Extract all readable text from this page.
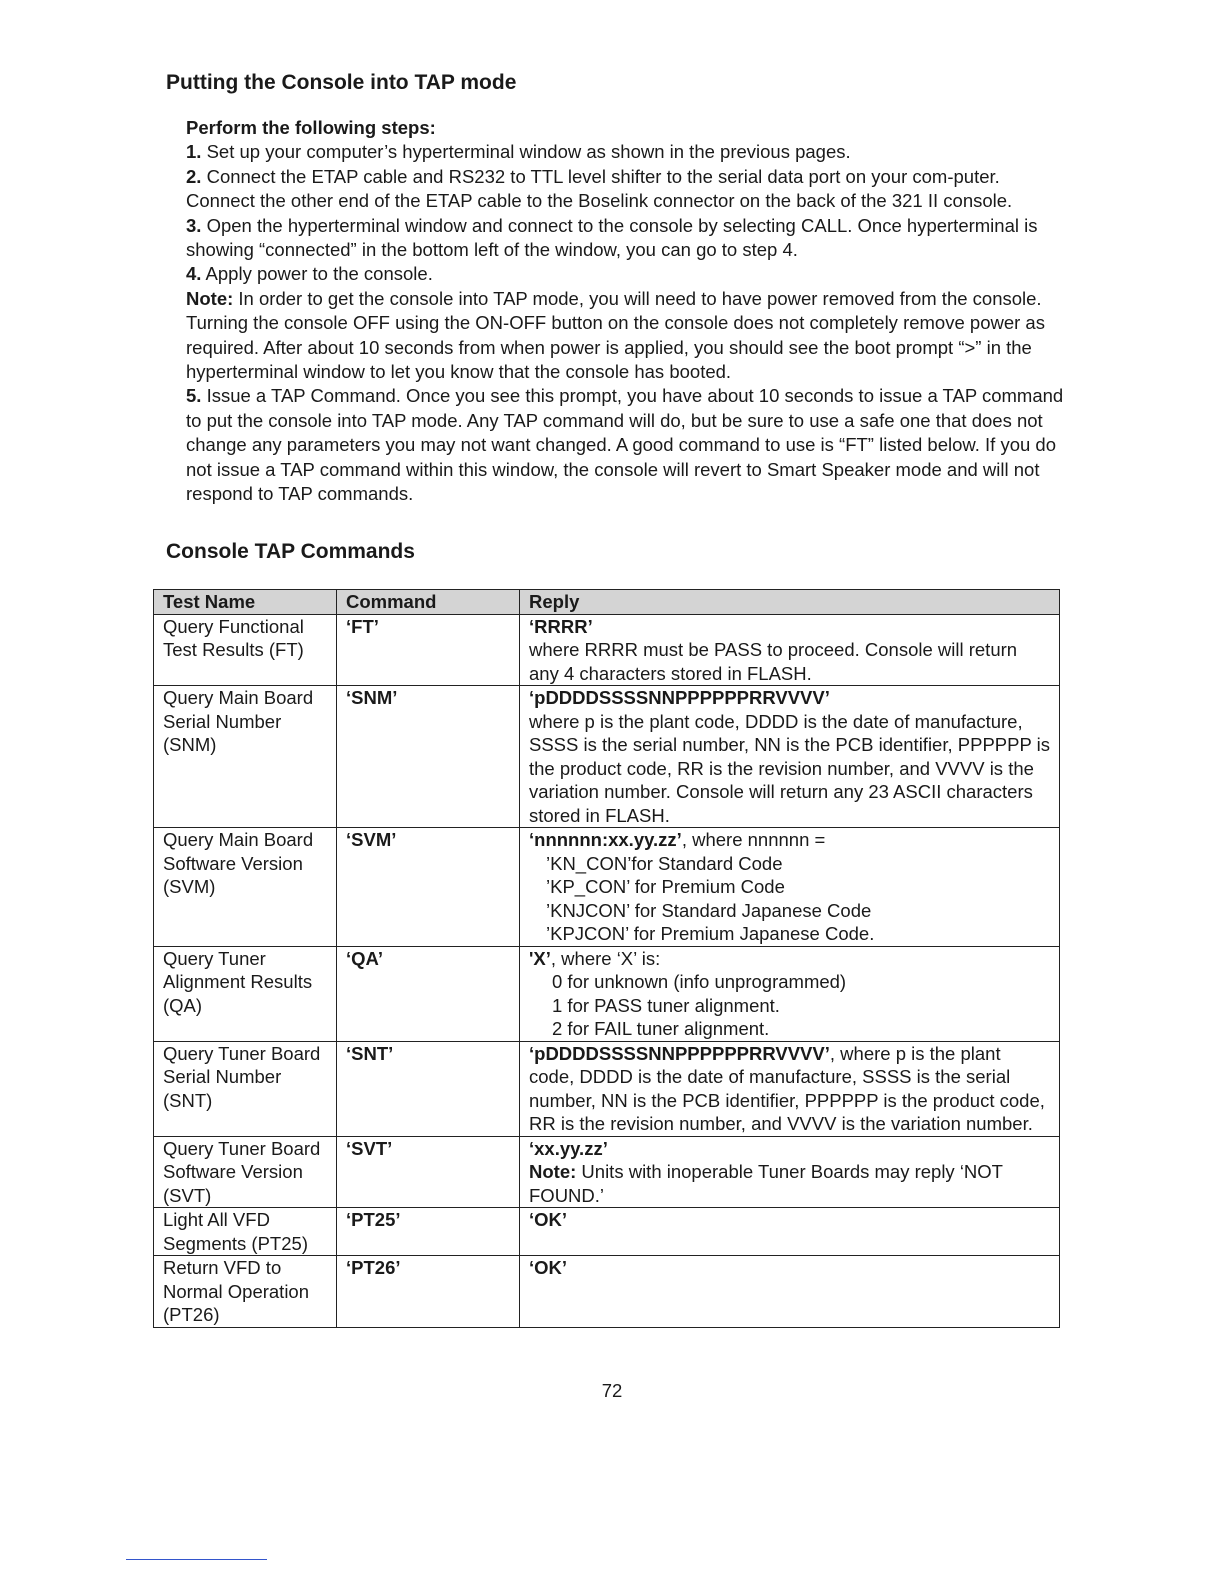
Putting the Console into TAP mode

Perform the following steps:

1. Set up your computer’s hyperterminal window as shown in the previous pages.

2. Connect the ETAP cable and RS232 to TTL level shifter to the serial data port on your com-puter. Connect the other end of the ETAP cable to the Boselink connector on the back of the 321 II console.

3. Open the hyperterminal window and connect to the console by selecting CALL. Once hyperterminal is showing “connected” in the bottom left of the window, you can go to step 4.

4. Apply power to the console.

Note: In order to get the console into TAP mode, you will need to have power removed from the console. Turning the console OFF using the ON-OFF button on the console does not completely remove power as required. After about 10 seconds from when power is applied, you should see the boot prompt “>” in the hyperterminal window to let you know that the console has booted.

5. Issue a TAP Command. Once you see this prompt, you have about 10 seconds to issue a TAP command to put the console into TAP mode. Any TAP command will do, but be sure to use a safe one that does not change any parameters you may not want changed. A good command to use is “FT” listed below. If you do not issue a TAP command within this window, the console will revert to Smart Speaker mode and will not respond to TAP commands.

Console TAP Commands
Test Name	Command	Reply
Query Functional Test Results (FT)	‘FT’	‘RRRR’
where RRRR must be PASS to proceed. Console will return any 4 characters stored in FLASH.
Query Main Board Serial Number (SNM)	‘SNM’	‘pDDDDSSSSNNPPPPPPRRVVVV’
where p is the plant code, DDDD is the date of manufacture, SSSS is the serial number, NN is the PCB identifier, PPPPPP is the product code, RR is the revision number, and VVVV is the variation number. Console will return any 23 ASCII characters stored in FLASH.
Query Main Board Software Version (SVM)	‘SVM’	‘nnnnnn:xx.yy.zz’, where nnnnnn =
’KN_CON’for Standard Code
’KP_CON’ for Premium Code
’KNJCON’ for Standard Japanese Code
’KPJCON’ for Premium Japanese Code.

Query Tuner Alignment Results (QA)	‘QA’	'X’, where ‘X’ is:
0 for unknown (info unprogrammed)
1 for PASS tuner alignment.
2 for FAIL tuner alignment.

Query Tuner Board Serial Number (SNT)	‘SNT’	‘pDDDDSSSSNNPPPPPPRRVVVV’, where p is the plant code, DDDD is the date of manufacture, SSSS is the serial number, NN is the PCB identifier, PPPPPP is the product code, RR is the revision number, and VVVV is the variation number.
Query Tuner Board Software Version (SVT)	‘SVT’	‘xx.yy.zz’
Note: Units with inoperable Tuner Boards may reply ‘NOT FOUND.’
Light All VFD Segments (PT25)	‘PT25’	‘OK’
Return VFD to Normal Operation (PT26)	‘PT26’	‘OK’
72
